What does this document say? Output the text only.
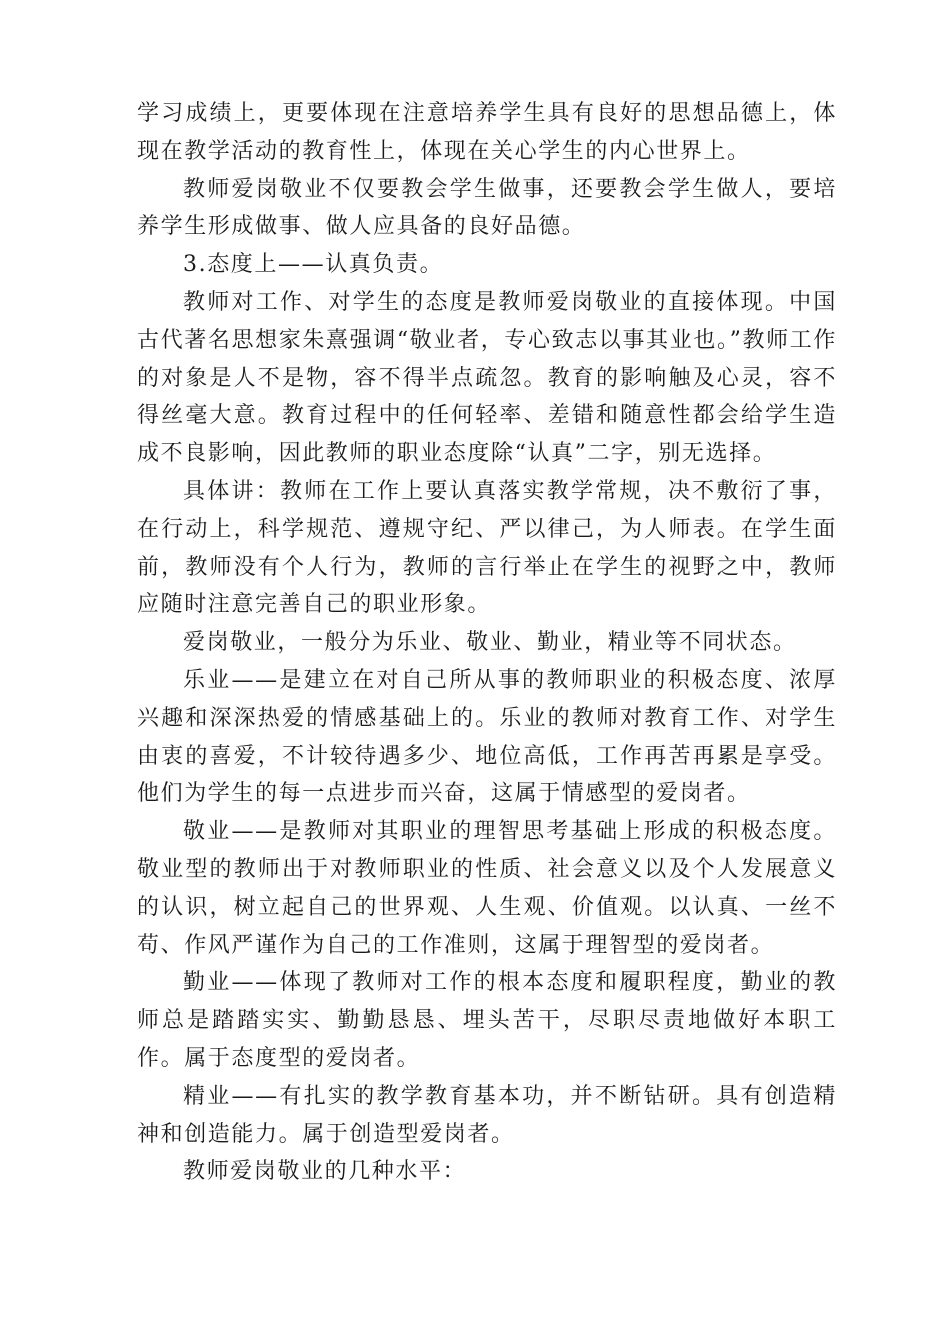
学习成绩上，更要体现在注意培养学生具有良好的思想品德上，体现在教学活动的教育性上，体现在关心学生的内心世界上。

教师爱岗敬业不仅要教会学生做事，还要教会学生做人，要培养学生形成做事、做人应具备的良好品德。

3.态度上——认真负责。

教师对工作、对学生的态度是教师爱岗敬业的直接体现。中国古代著名思想家朱熹强调“敬业者，专心致志以事其业也。”教师工作的对象是人不是物，容不得半点疏忽。教育的影响触及心灵，容不得丝毫大意。教育过程中的任何轻率、差错和随意性都会给学生造成不良影响，因此教师的职业态度除“认真”二字，别无选择。

具体讲：教师在工作上要认真落实教学常规，决不敷衍了事，在行动上，科学规范、遵规守纪、严以律己，为人师表。在学生面前，教师没有个人行为，教师的言行举止在学生的视野之中，教师应随时注意完善自己的职业形象。

爱岗敬业，一般分为乐业、敬业、勤业，精业等不同状态。

乐业——是建立在对自己所从事的教师职业的积极态度、浓厚兴趣和深深热爱的情感基础上的。乐业的教师对教育工作、对学生由衷的喜爱，不计较待遇多少、地位高低，工作再苦再累是享受。他们为学生的每一点进步而兴奋，这属于情感型的爱岗者。

敬业——是教师对其职业的理智思考基础上形成的积极态度。敬业型的教师出于对教师职业的性质、社会意义以及个人发展意义的认识，树立起自己的世界观、人生观、价值观。以认真、一丝不苟、作风严谨作为自己的工作准则，这属于理智型的爱岗者。

勤业——体现了教师对工作的根本态度和履职程度，勤业的教师总是踏踏实实、勤勤恳恳、埋头苦干，尽职尽责地做好本职工作。属于态度型的爱岗者。

精业——有扎实的教学教育基本功，并不断钻研。具有创造精神和创造能力。属于创造型爱岗者。

教师爱岗敬业的几种水平：
